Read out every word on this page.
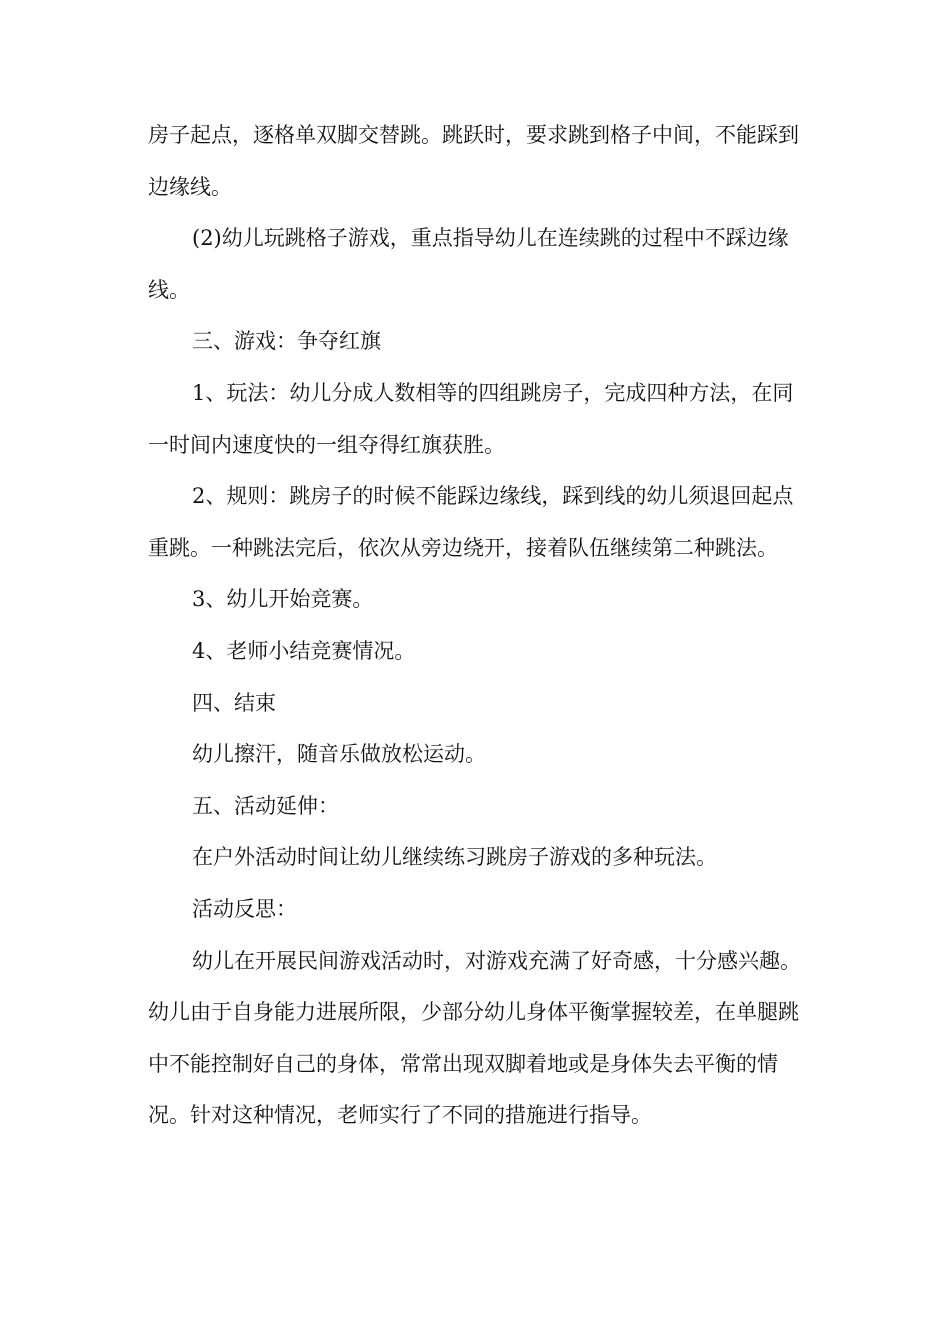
房子起点，逐格单双脚交替跳。跳跃时，要求跳到格子中间，不能踩到边缘线。

(2)幼儿玩跳格子游戏，重点指导幼儿在连续跳的过程中不踩边缘线。

三、游戏：争夺红旗

1、玩法：幼儿分成人数相等的四组跳房子，完成四种方法，在同一时间内速度快的一组夺得红旗获胜。

2、规则：跳房子的时候不能踩边缘线，踩到线的幼儿须退回起点重跳。一种跳法完后，依次从旁边绕开，接着队伍继续第二种跳法。

3、幼儿开始竞赛。

4、老师小结竞赛情况。

四、结束

幼儿擦汗，随音乐做放松运动。

五、活动延伸：

在户外活动时间让幼儿继续练习跳房子游戏的多种玩法。

活动反思：

幼儿在开展民间游戏活动时，对游戏充满了好奇感，十分感兴趣。幼儿由于自身能力进展所限，少部分幼儿身体平衡掌握较差，在单腿跳中不能控制好自己的身体，常常出现双脚着地或是身体失去平衡的情况。针对这种情况，老师实行了不同的措施进行指导。
